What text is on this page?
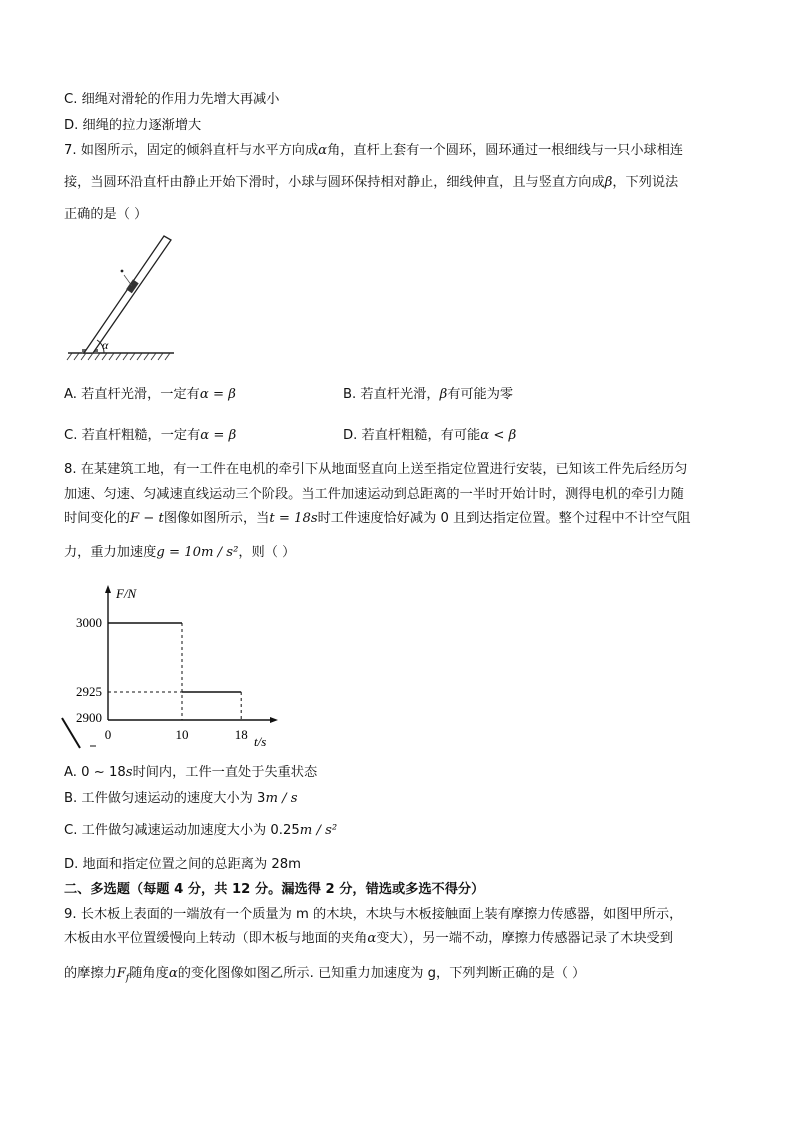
C. 细绳对滑轮的作用力先增大再减小
D. 细绳的拉力逐渐增大
7. 如图所示，固定的倾斜直杆与水平方向成α角，直杆上套有一个圆环，圆环通过一根细线与一只小球相连
接，当圆环沿直杆由静止开始下滑时，小球与圆环保持相对静止，细线伸直，且与竖直方向成β，下列说法
正确的是（ ）
α
A. 若直杆光滑，一定有α = β	B. 若直杆光滑，β有可能为零
C. 若直杆粗糙，一定有α = β	D. 若直杆粗糙，有可能α < β
8. 在某建筑工地，有一工件在电机的牵引下从地面竖直向上送至指定位置进行安装，已知该工件先后经历匀
加速、匀速、匀减速直线运动三个阶段。当工件加速运动到总距离的一半时开始计时，测得电机的牵引力随
时间变化的F − t图像如图所示，当t = 18s时工件速度恰好减为 0 且到达指定位置。整个过程中不计空气阻
力，重力加速度g = 10m / s²，则（ ）
F/N
t/s
2900
2925
3000
0	10	18
A. 0 ~ 18s时间内，工件一直处于失重状态
B. 工件做匀速运动的速度大小为 3m / s
C. 工件做匀减速运动加速度大小为 0.25m / s²
D. 地面和指定位置之间的总距离为 28m
二、多选题（每题 4 分，共 12 分。漏选得 2 分，错选或多选不得分）
9. 长木板上表面的一端放有一个质量为 m 的木块，木块与木板接触面上装有摩擦力传感器，如图甲所示，
木板由水平位置缓慢向上转动（即木板与地面的夹角α变大），另一端不动，摩擦力传感器记录了木块受到
的摩擦力$F_f$随角度α的变化图像如图乙所示. 已知重力加速度为 g，下列判断正确的是（ ）
